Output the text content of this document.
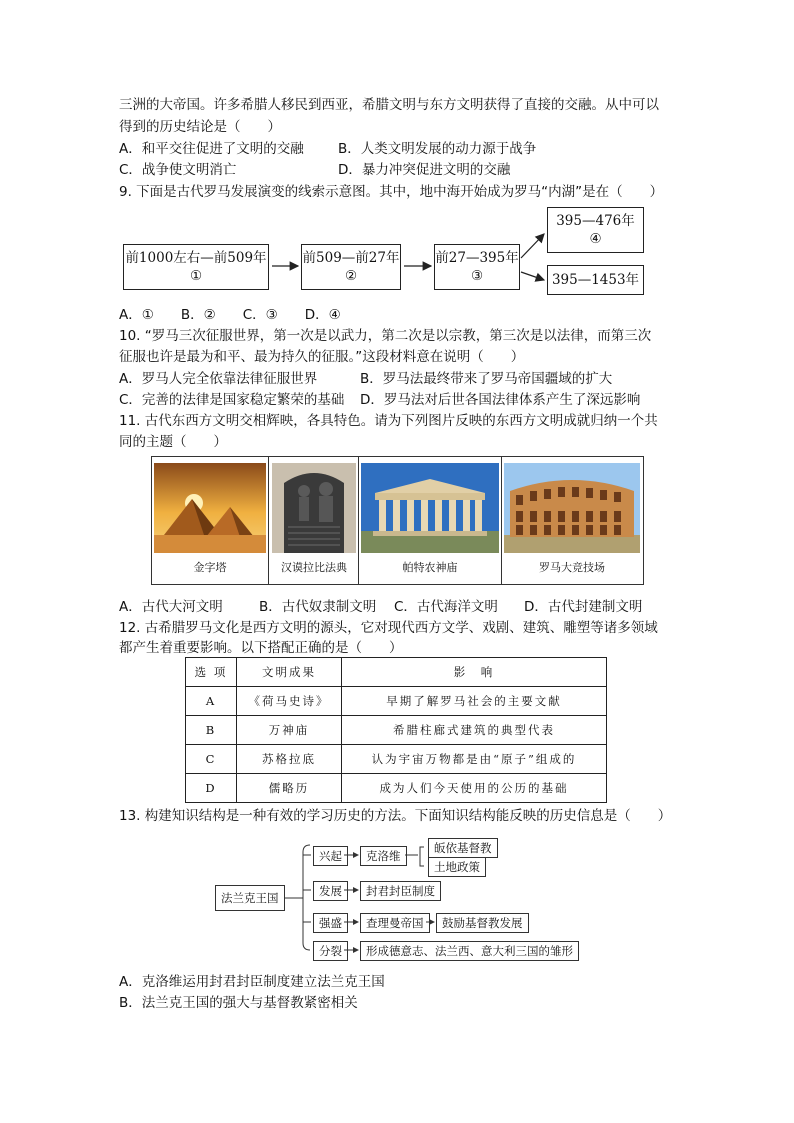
三洲的大帝国。许多希腊人移民到西亚，希腊文明与东方文明获得了直接的交融。从中可以
得到的历史结论是（　　）
A．和平交往促进了文明的交融	B．人类文明发展的动力源于战争
C．战争使文明消亡	D．暴力冲突促进文明的交融
9. 下面是古代罗马发展演变的线索示意图。其中，地中海开始成为罗马“内湖”是在（　　）
前1000左右—前509年
①
前509—前27年
②
前27—395年
③
395—476年
④
395—1453年
A．①　　B．②　　C．③　　D．④
10. “罗马三次征服世界，第一次是以武力，第二次是以宗教，第三次是以法律，而第三次
征服也许是最为和平、最为持久的征服。”这段材料意在说明（　　）
A．罗马人完全依靠法律征服世界	B．罗马法最终带来了罗马帝国疆域的扩大
C．完善的法律是国家稳定繁荣的基础 D．罗马法对后世各国法律体系产生了深远影响
11. 古代东西方文明交相辉映，各具特色。请为下列图片反映的东西方文明成就归纳一个共
同的主题（　　）
金字塔	汉谟拉比法典	帕特农神庙	罗马大竞技场
A．古代大河文明	B．古代奴隶制文明 C．古代海洋文明 D．古代封建制文明
12. 古希腊罗马文化是西方文明的源头，它对现代西方文学、戏剧、建筑、雕塑等诸多领域
都产生着重要影响。以下搭配正确的是（　　）
选 项	文明成果	影　响
A	《荷马史诗》	早期了解罗马社会的主要文献
B	万神庙	希腊柱廊式建筑的典型代表
C	苏格拉底	认为宇宙万物都是由“原子”组成的
D	儒略历	成为人们今天使用的公历的基础
13. 构建知识结构是一种有效的学习历史的方法。下面知识结构能反映的历史信息是（　　）
法兰克王国
兴起	克洛维
皈依基督教
土地政策
发展	封君封臣制度
强盛	查理曼帝国	鼓励基督教发展
分裂	形成德意志、法兰西、意大利三国的雏形
A．克洛维运用封君封臣制度建立法兰克王国
B．法兰克王国的强大与基督教紧密相关
